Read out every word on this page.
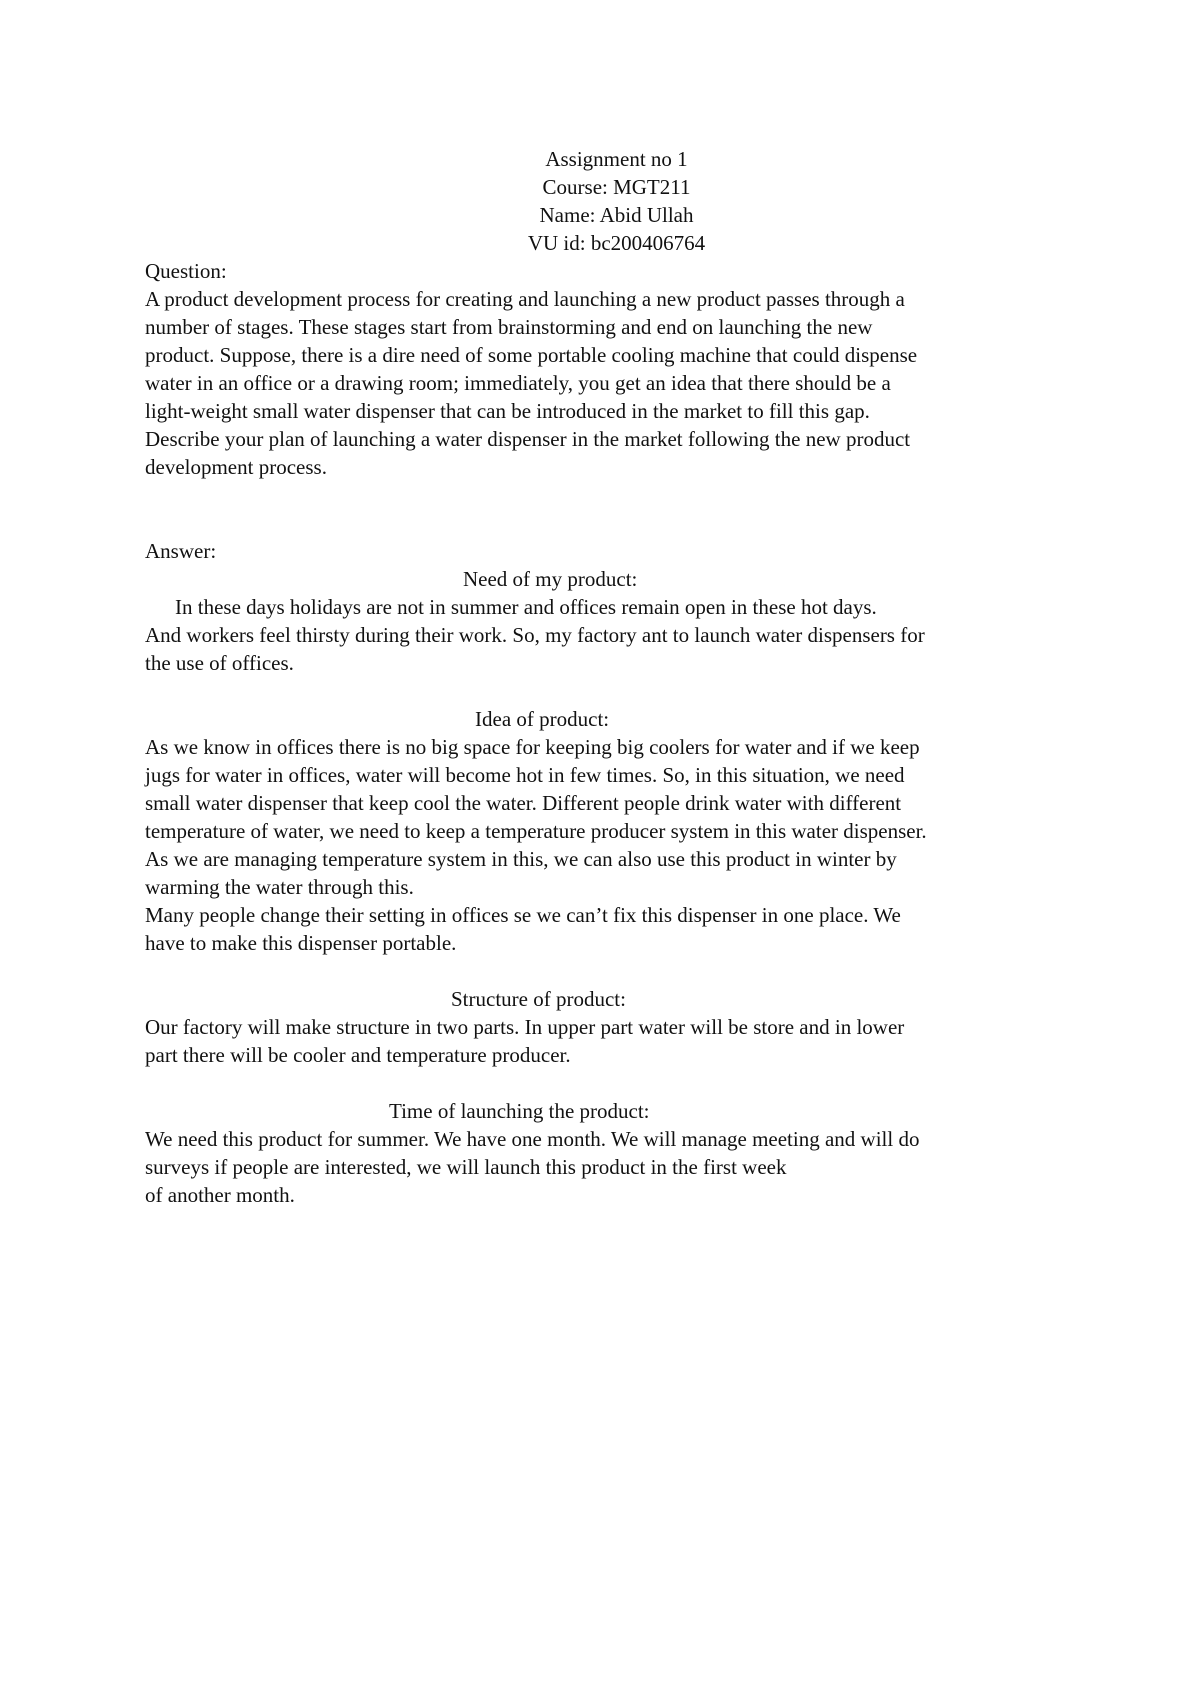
Assignment no 1
Course: MGT211
Name: Abid Ullah
VU id: bc200406764
Question:
A product development process for creating and launching a new product passes through a
number of stages. These stages start from brainstorming and end on launching the new
product. Suppose, there is a dire need of some portable cooling machine that could dispense
water in an office or a drawing room; immediately, you get an idea that there should be a
light-weight small water dispenser that can be introduced in the market to fill this gap.
Describe your plan of launching a water dispenser in the market following the new product
development process.
Answer:
Need of my product:
In these days holidays are not in summer and offices remain open in these hot days.
And workers feel thirsty during their work. So, my factory ant to launch water dispensers for
the use of offices.
Idea of product:
As we know in offices there is no big space for keeping big coolers for water and if we keep
jugs for water in offices, water will become hot in few times. So, in this situation, we need
small water dispenser that keep cool the water. Different people drink water with different
temperature of water, we need to keep a temperature producer system in this water dispenser.
As we are managing temperature system in this, we can also use this product in winter by
warming the water through this.
Many people change their setting in offices se we can’t fix this dispenser in one place. We
have to make this dispenser portable.
Structure of product:
Our factory will make structure in two parts. In upper part water will be store and in lower
part there will be cooler and temperature producer.
Time of launching the product:
We need this product for summer. We have one month. We will manage meeting and will do
surveys if people are interested, we will launch this product in the first week
of another month.
